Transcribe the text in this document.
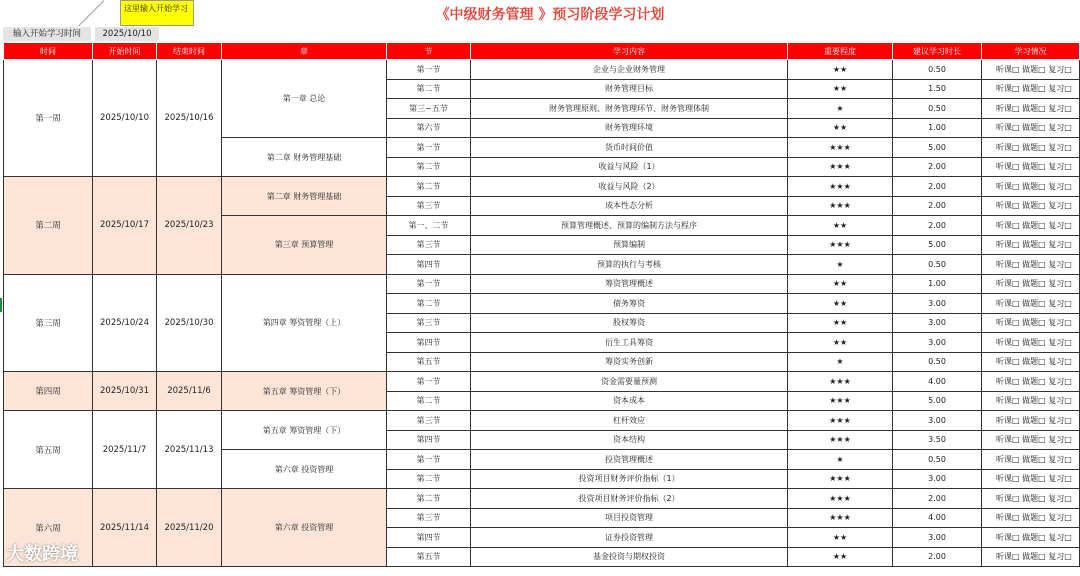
《中级财务管理 》预习阶段学习计划
这里输入开始学习
输入开始学习时间	2025/10/10
时间	开始时间	结束时间	章	节	学习内容	重要程度	建议学习时长	学习情况
第一周	2025/10/10	2025/10/16	第一章 总论	第一节	企业与企业财务管理	★★	0.50	听课□ 做题□ 复习□
				第二节	财务管理目标	★★	1.50	听课□ 做题□ 复习□
				第三~五节	财务管理原则、财务管理环节、财务管理体制	★	0.50	听课□ 做题□ 复习□
				第六节	财务管理环境	★★	1.00	听课□ 做题□ 复习□
			第二章 财务管理基础	第一节	货币时间价值	★★★	5.00	听课□ 做题□ 复习□
				第二节	收益与风险（1）	★★★	2.00	听课□ 做题□ 复习□
第二周	2025/10/17	2025/10/23	第二章 财务管理基础	第二节	收益与风险（2）	★★★	2.00	听课□ 做题□ 复习□
				第三节	成本性态分析	★★★	2.00	听课□ 做题□ 复习□
			第三章 预算管理	第一、二节	预算管理概述、预算的编制方法与程序	★★	2.00	听课□ 做题□ 复习□
				第三节	预算编制	★★★	5.00	听课□ 做题□ 复习□
				第四节	预算的执行与考核	★	0.50	听课□ 做题□ 复习□
第三周	2025/10/24	2025/10/30	第四章 筹资管理（上）	第一节	筹资管理概述	★★	1.00	听课□ 做题□ 复习□
				第二节	债务筹资	★★	3.00	听课□ 做题□ 复习□
				第三节	股权筹资	★★	3.00	听课□ 做题□ 复习□
				第四节	衍生工具筹资	★★	3.00	听课□ 做题□ 复习□
				第五节	筹资实务创新	★	0.50	听课□ 做题□ 复习□
第四周	2025/10/31	2025/11/6	第五章 筹资管理（下）	第一节	资金需要量预测	★★★	4.00	听课□ 做题□ 复习□
				第二节	资本成本	★★★	5.00	听课□ 做题□ 复习□
第五周	2025/11/7	2025/11/13	第五章 筹资管理（下）	第三节	杠杆效应	★★★	3.00	听课□ 做题□ 复习□
				第四节	资本结构	★★★	3.50	听课□ 做题□ 复习□
			第六章 投资管理	第一节	投资管理概述	★	0.50	听课□ 做题□ 复习□
				第二节	投资项目财务评价指标（1）	★★★	3.00	听课□ 做题□ 复习□
第六周	2025/11/14	2025/11/20	第六章 投资管理	第二节	投资项目财务评价指标（2）	★★★	2.00	听课□ 做题□ 复习□
				第三节	项目投资管理	★★★	4.00	听课□ 做题□ 复习□
				第四节	证券投资管理	★★	3.00	听课□ 做题□ 复习□
				第五节	基金投资与期权投资	★★	2.00	听课□ 做题□ 复习□
大数跨境
